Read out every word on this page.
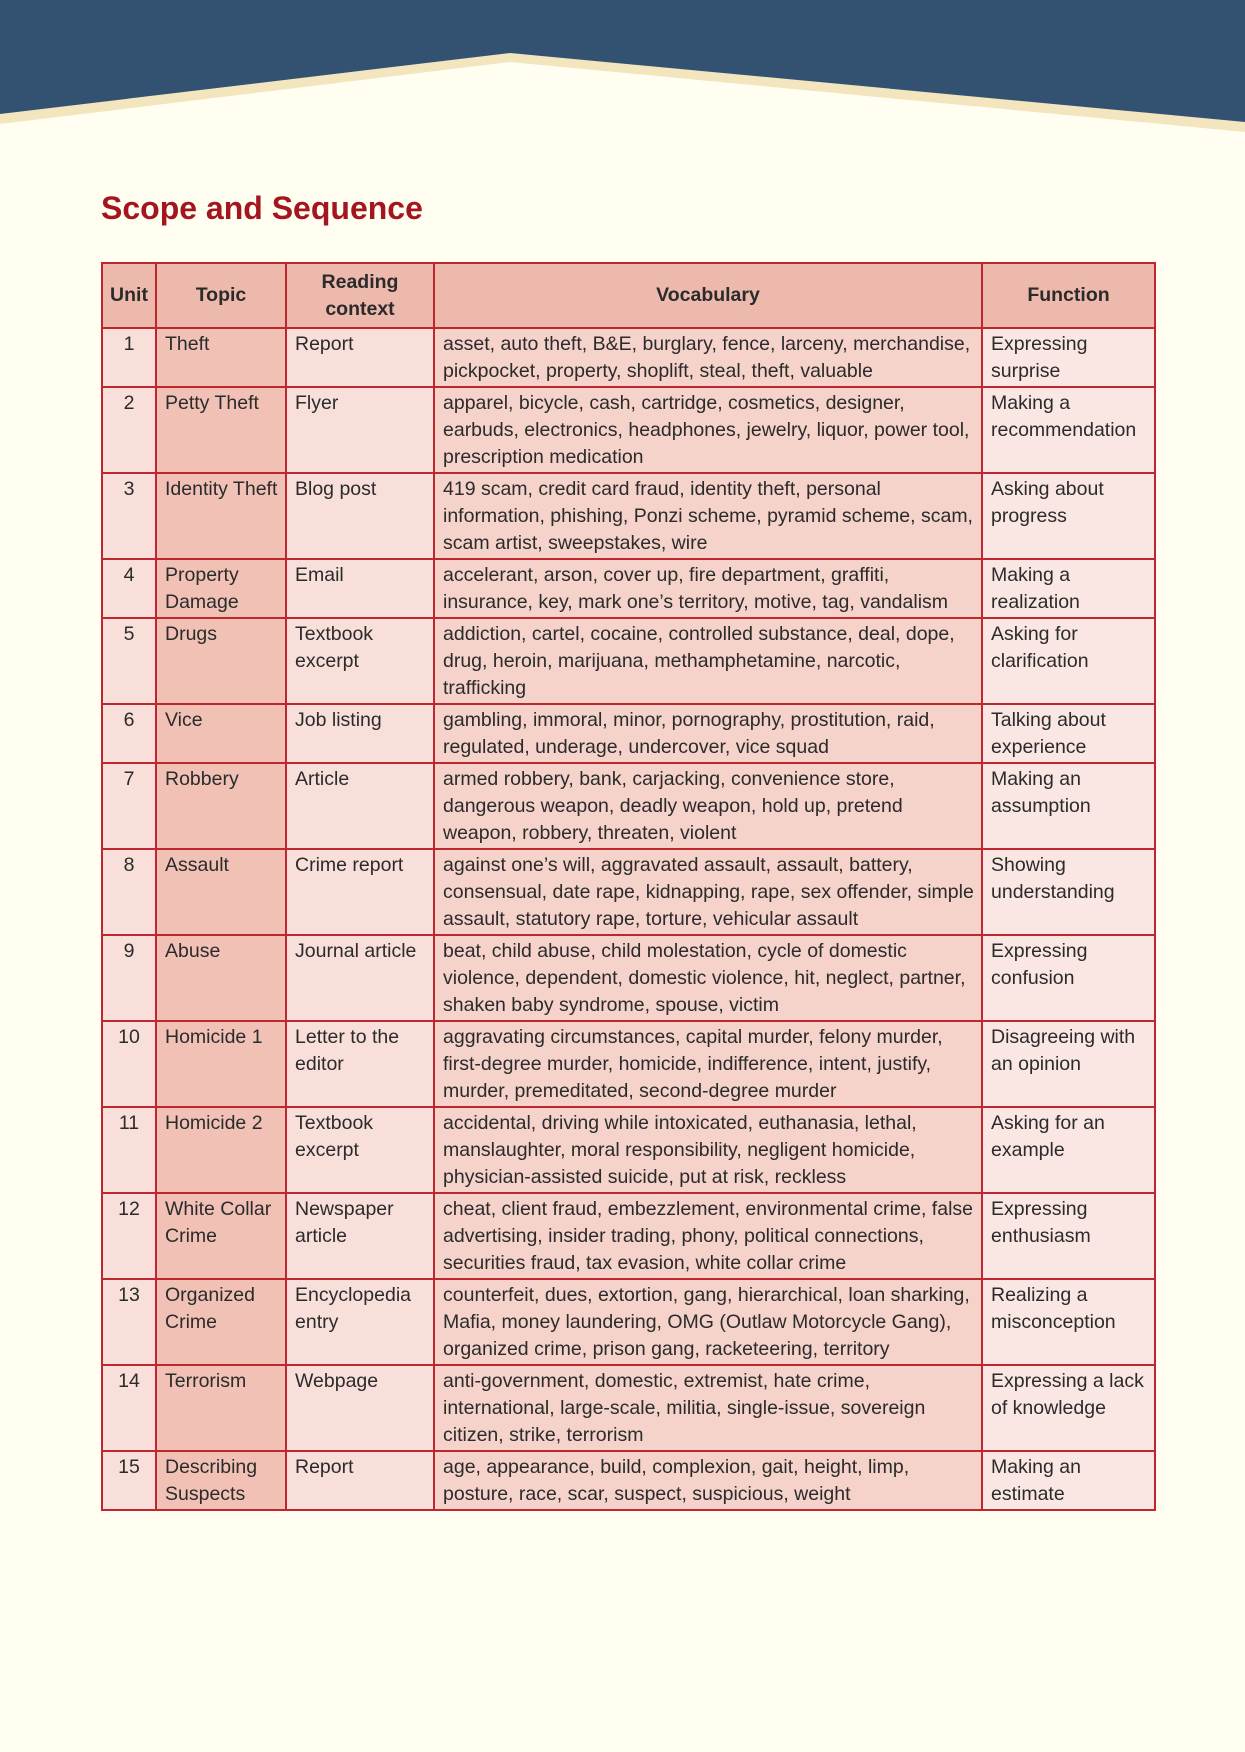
Scope and Sequence
Unit	Topic	Reading context	Vocabulary	Function
1	Theft	Report	asset, auto theft, B&E, burglary, fence, larceny, merchandise, pickpocket, property, shoplift, steal, theft, valuable	Expressing surprise
2	Petty Theft	Flyer	apparel, bicycle, cash, cartridge, cosmetics, designer, earbuds, electronics, headphones, jewelry, liquor, power tool, prescription medication	Making a recommendation
3	Identity Theft	Blog post	419 scam, credit card fraud, identity theft, personal information, phishing, Ponzi scheme, pyramid scheme, scam, scam artist, sweepstakes, wire	Asking about progress
4	Property Damage	Email	accelerant, arson, cover up, fire department, graffiti, insurance, key, mark one’s territory, motive, tag, vandalism	Making a realization
5	Drugs	Textbook excerpt	addiction, cartel, cocaine, controlled substance, deal, dope, drug, heroin, marijuana, methamphetamine, narcotic, trafficking	Asking for clarification
6	Vice	Job listing	gambling, immoral, minor, pornography, prostitution, raid, regulated, underage, undercover, vice squad	Talking about experience
7	Robbery	Article	armed robbery, bank, carjacking, convenience store, dangerous weapon, deadly weapon, hold up, pretend weapon, robbery, threaten, violent	Making an assumption
8	Assault	Crime report	against one’s will, aggravated assault, assault, battery, consensual, date rape, kidnapping, rape, sex offender, simple assault, statutory rape, torture, vehicular assault	Showing understanding
9	Abuse	Journal article	beat, child abuse, child molestation, cycle of domestic violence, dependent, domestic violence, hit, neglect, partner, shaken baby syndrome, spouse, victim	Expressing confusion
10	Homicide 1	Letter to the editor	aggravating circumstances, capital murder, felony murder, first-degree murder, homicide, indifference, intent, justify, murder, premeditated, second-degree murder	Disagreeing with an opinion
11	Homicide 2	Textbook excerpt	accidental, driving while intoxicated, euthanasia, lethal, manslaughter, moral responsibility, negligent homicide, physician-assisted suicide, put at risk, reckless	Asking for an example
12	White Collar Crime	Newspaper article	cheat, client fraud, embezzlement, environmental crime, false advertising, insider trading, phony, political connections, securities fraud, tax evasion, white collar crime	Expressing enthusiasm
13	Organized Crime	Encyclopedia entry	counterfeit, dues, extortion, gang, hierarchical, loan sharking, Mafia, money laundering, OMG (Outlaw Motorcycle Gang), organized crime, prison gang, racketeering, territory	Realizing a misconception
14	Terrorism	Webpage	anti-government, domestic, extremist, hate crime, international, large-scale, militia, single-issue, sovereign citizen, strike, terrorism	Expressing a lack of knowledge
15	Describing Suspects	Report	age, appearance, build, complexion, gait, height, limp, posture, race, scar, suspect, suspicious, weight	Making an estimate
